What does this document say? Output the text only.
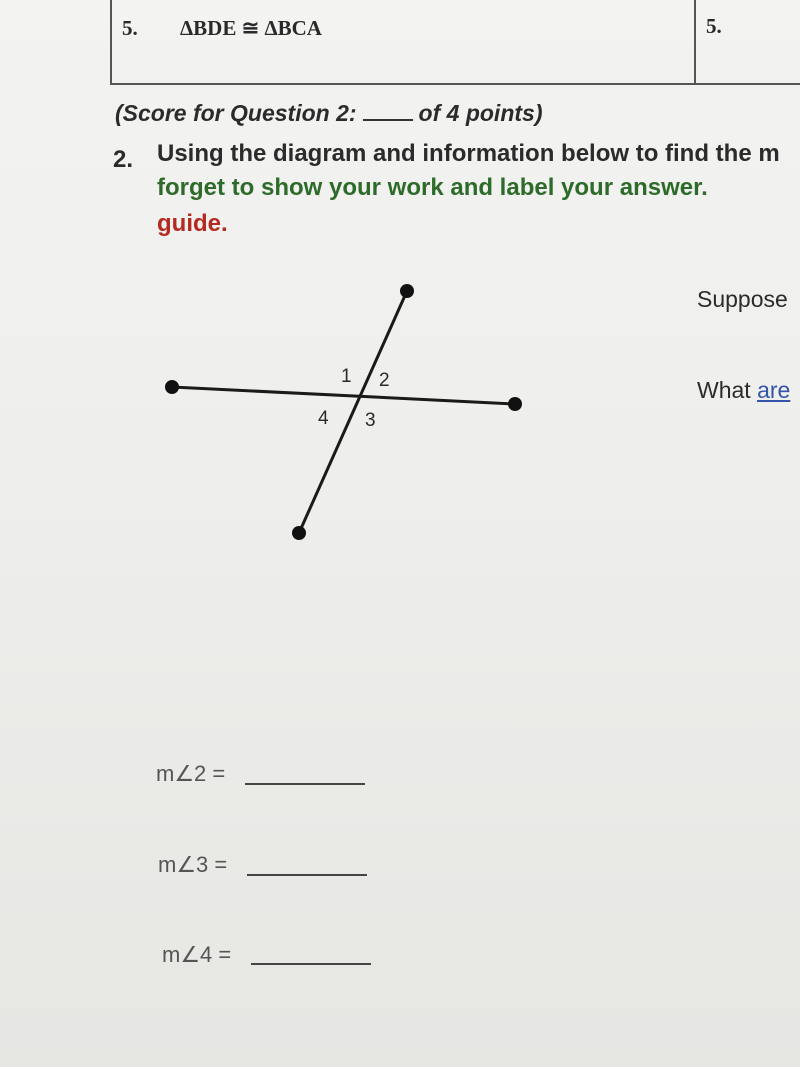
5. ΔBDE ≅ ΔBCA	5.
(Score for Question 2:	of 4 points)
2. Using the diagram and information below to find the m
forget to show your work and label your answer.
guide.
Suppose
What are
1 2
3
4
m∠2 =
m∠3 =
m∠4 =
